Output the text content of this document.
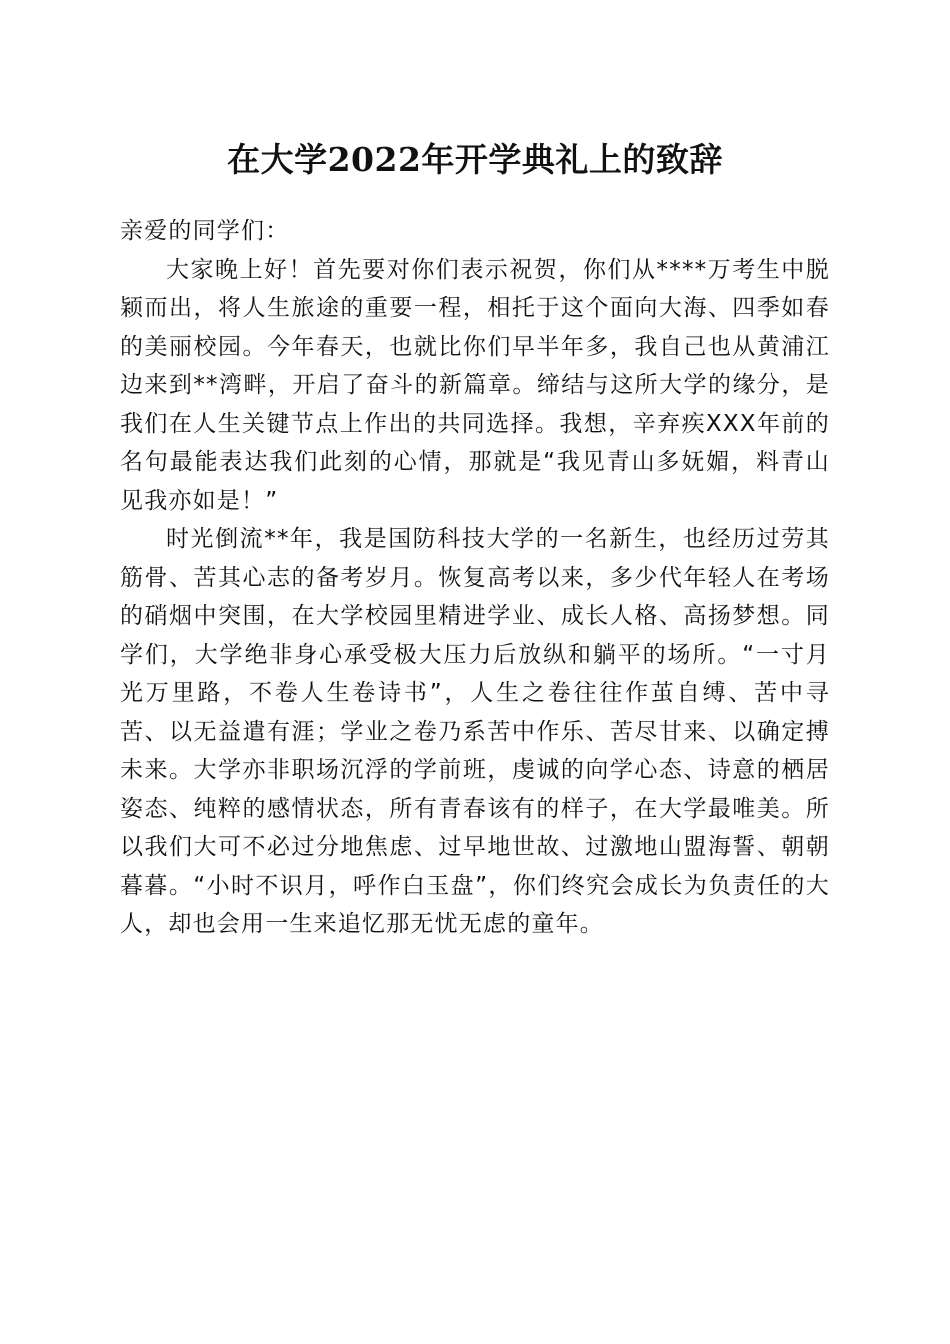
在大学2022年开学典礼上的致辞

亲爱的同学们：

大家晚上好！首先要对你们表示祝贺，你们从****万考生中脱颖而出，将人生旅途的重要一程，相托于这个面向大海、四季如春的美丽校园。今年春天，也就比你们早半年多，我自己也从黄浦江边来到**湾畔，开启了奋斗的新篇章。缔结与这所大学的缘分，是我们在人生关键节点上作出的共同选择。我想，辛弃疾XXX年前的名句最能表达我们此刻的心情，那就是“我见青山多妩媚，料青山见我亦如是！”

时光倒流**年，我是国防科技大学的一名新生，也经历过劳其筋骨、苦其心志的备考岁月。恢复高考以来，多少代年轻人在考场的硝烟中突围，在大学校园里精进学业、成长人格、高扬梦想。同学们，大学绝非身心承受极大压力后放纵和躺平的场所。“一寸月光万里路，不卷人生卷诗书”，人生之卷往往作茧自缚、苦中寻苦、以无益遣有涯；学业之卷乃系苦中作乐、苦尽甘来、以确定搏未来。大学亦非职场沉浮的学前班，虔诚的向学心态、诗意的栖居姿态、纯粹的感情状态，所有青春该有的样子，在大学最唯美。所以我们大可不必过分地焦虑、过早地世故、过激地山盟海誓、朝朝暮暮。“小时不识月，呼作白玉盘”，你们终究会成长为负责任的大人，却也会用一生来追忆那无忧无虑的童年。
